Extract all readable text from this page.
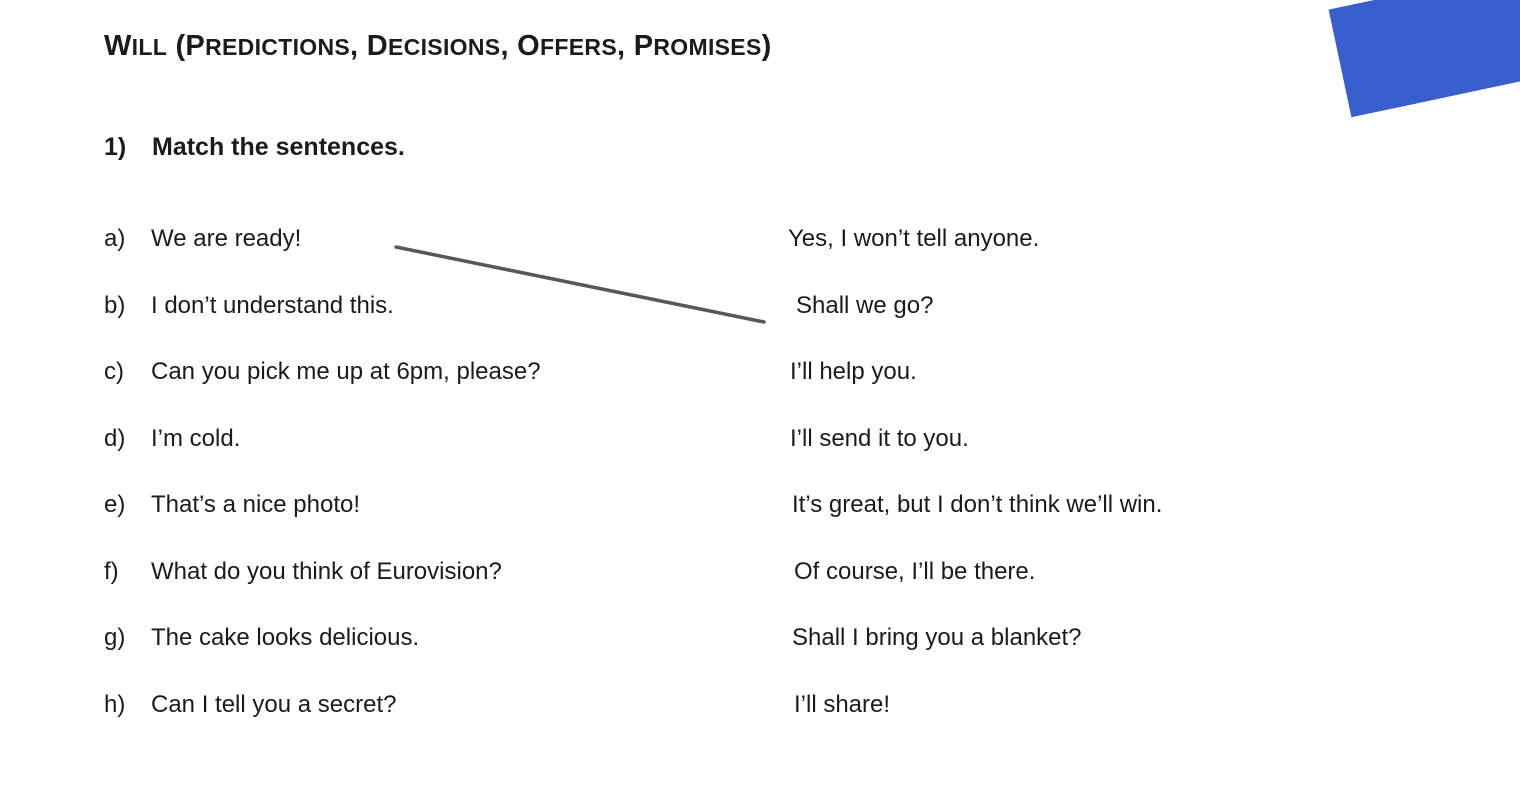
WILL (PREDICTIONS, DECISIONS, OFFERS, PROMISES)
1) Match the sentences.
a) We are ready!	Yes, I won’t tell anyone.
b) I don’t understand this.	Shall we go?
c) Can you pick me up at 6pm, please?	I’ll help you.
d) I’m cold.	I’ll send it to you.
e) That’s a nice photo!	It’s great, but I don’t think we’ll win.
f) What do you think of Eurovision?	Of course, I’ll be there.
g) The cake looks delicious.	Shall I bring you a blanket?
h) Can I tell you a secret?	I’ll share!
